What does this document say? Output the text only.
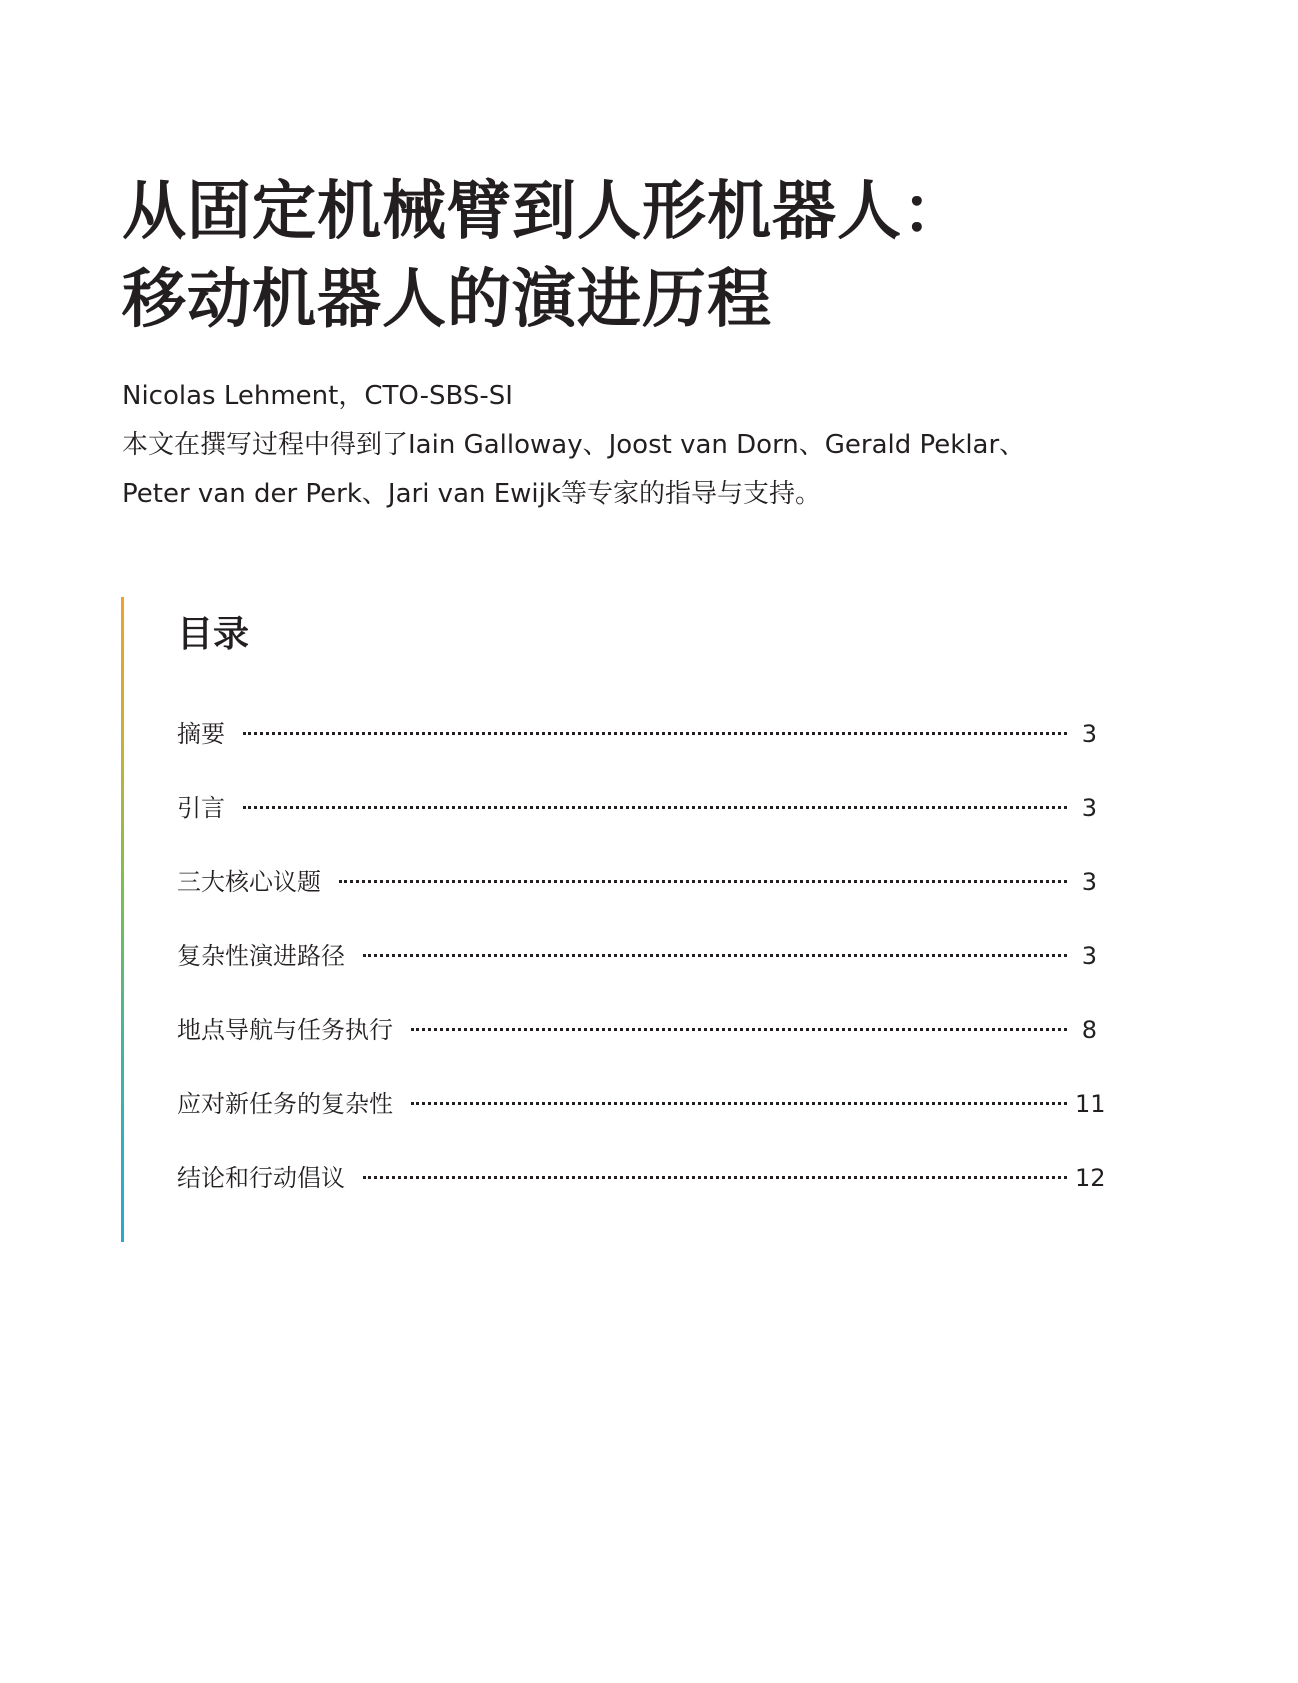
从固定机械臂到人形机器人：
移动机器人的演进历程
Nicolas Lehment，CTO-SBS-SI
本文在撰写过程中得到了Iain Galloway、Joost van Dorn、Gerald Peklar、
Peter van der Perk、Jari van Ewijk等专家的指导与支持。
目录
摘要	3
引言	3
三大核心议题	3
复杂性演进路径	3
地点导航与任务执行	8
应对新任务的复杂性	11
结论和行动倡议	12
